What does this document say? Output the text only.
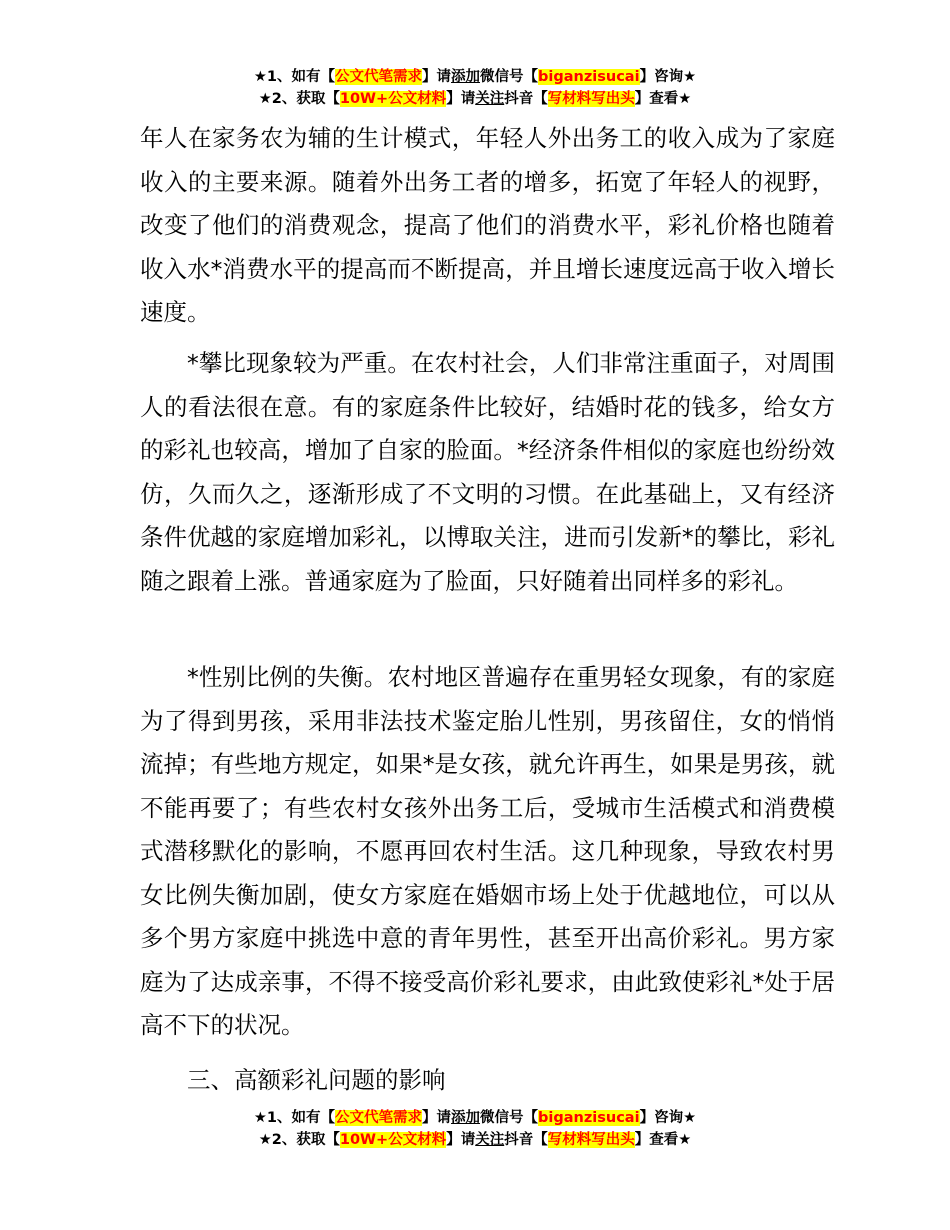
★1、如有【公文代笔需求】请添加微信号【biganzisucai】咨询★
★2、获取【10W+公文材料】请关注抖音【写材料写出头】查看★

年人在家务农为辅的生计模式，年轻人外出务工的收入成为了家庭收入的主要来源。随着外出务工者的增多，拓宽了年轻人的视野，改变了他们的消费观念，提高了他们的消费水平，彩礼价格也随着收入水*消费水平的提高而不断提高，并且增长速度远高于收入增长速度。

*攀比现象较为严重。在农村社会，人们非常注重面子，对周围人的看法很在意。有的家庭条件比较好，结婚时花的钱多，给女方的彩礼也较高，增加了自家的脸面。*经济条件相似的家庭也纷纷效仿，久而久之，逐渐形成了不文明的习惯。在此基础上，又有经济条件优越的家庭增加彩礼，以博取关注，进而引发新*的攀比，彩礼随之跟着上涨。普通家庭为了脸面，只好随着出同样多的彩礼。

*性别比例的失衡。农村地区普遍存在重男轻女现象，有的家庭为了得到男孩，采用非法技术鉴定胎儿性别，男孩留住，女的悄悄流掉；有些地方规定，如果*是女孩，就允许再生，如果是男孩，就不能再要了；有些农村女孩外出务工后，受城市生活模式和消费模式潜移默化的影响，不愿再回农村生活。这几种现象，导致农村男女比例失衡加剧，使女方家庭在婚姻市场上处于优越地位，可以从多个男方家庭中挑选中意的青年男性，甚至开出高价彩礼。男方家庭为了达成亲事，不得不接受高价彩礼要求，由此致使彩礼*处于居高不下的状况。

三、高额彩礼问题的影响

★1、如有【公文代笔需求】请添加微信号【biganzisucai】咨询★
★2、获取【10W+公文材料】请关注抖音【写材料写出头】查看★
